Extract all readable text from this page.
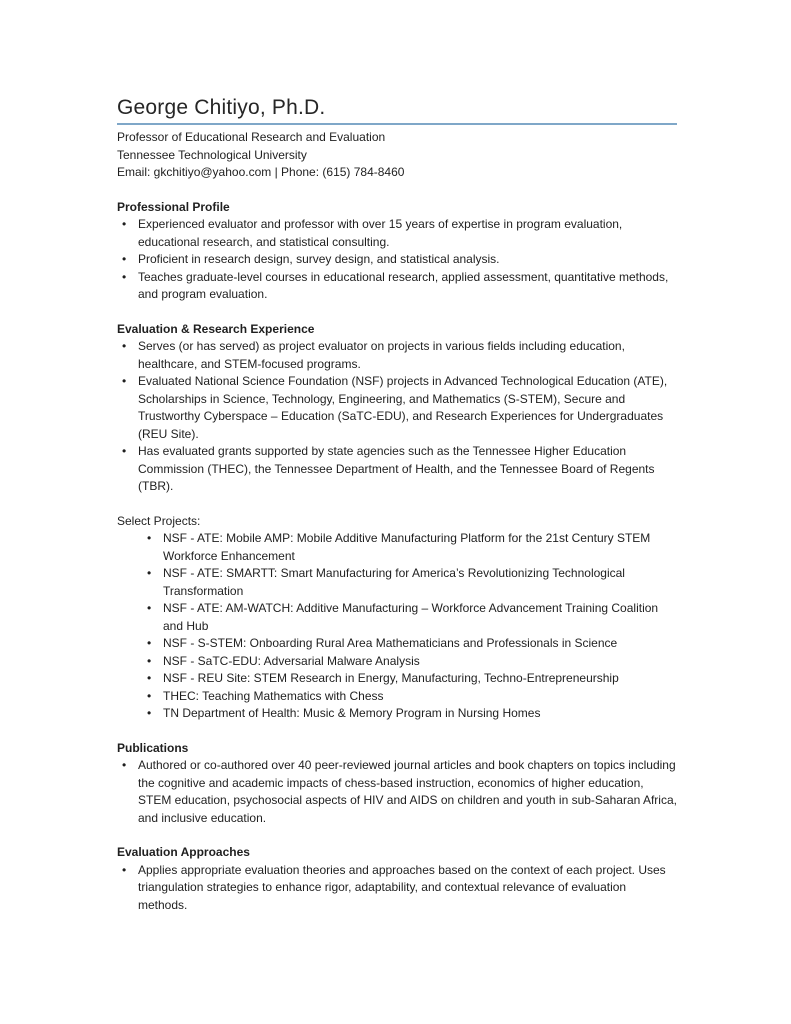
George Chitiyo, Ph.D.

Professor of Educational Research and Evaluation

Tennessee Technological University

Email: gkchitiyo@yahoo.com | Phone: (615) 784-8460

Professional Profile
• Experienced evaluator and professor with over 15 years of expertise in program evaluation, educational research, and statistical consulting.
• Proficient in research design, survey design, and statistical analysis.
• Teaches graduate-level courses in educational research, applied assessment, quantitative methods, and program evaluation.
Evaluation & Research Experience
• Serves (or has served) as project evaluator on projects in various fields including education, healthcare, and STEM-focused programs.
• Evaluated National Science Foundation (NSF) projects in Advanced Technological Education (ATE), Scholarships in Science, Technology, Engineering, and Mathematics (S-STEM), Secure and Trustworthy Cyberspace – Education (SaTC-EDU), and Research Experiences for Undergraduates (REU Site).
• Has evaluated grants supported by state agencies such as the Tennessee Higher Education Commission (THEC), the Tennessee Department of Health, and the Tennessee Board of Regents (TBR).
Select Projects:
• NSF - ATE: Mobile AMP: Mobile Additive Manufacturing Platform for the 21st Century STEM Workforce Enhancement
• NSF - ATE: SMARTT: Smart Manufacturing for America’s Revolutionizing Technological Transformation
• NSF - ATE: AM-WATCH: Additive Manufacturing – Workforce Advancement Training Coalition and Hub
• NSF - S-STEM: Onboarding Rural Area Mathematicians and Professionals in Science
• NSF - SaTC-EDU: Adversarial Malware Analysis
• NSF - REU Site: STEM Research in Energy, Manufacturing, Techno-Entrepreneurship
• THEC: Teaching Mathematics with Chess
• TN Department of Health: Music & Memory Program in Nursing Homes
Publications
• Authored or co-authored over 40 peer-reviewed journal articles and book chapters on topics including the cognitive and academic impacts of chess-based instruction, economics of higher education, STEM education, psychosocial aspects of HIV and AIDS on children and youth in sub-Saharan Africa, and inclusive education.
Evaluation Approaches
• Applies appropriate evaluation theories and approaches based on the context of each project. Uses triangulation strategies to enhance rigor, adaptability, and contextual relevance of evaluation methods.
